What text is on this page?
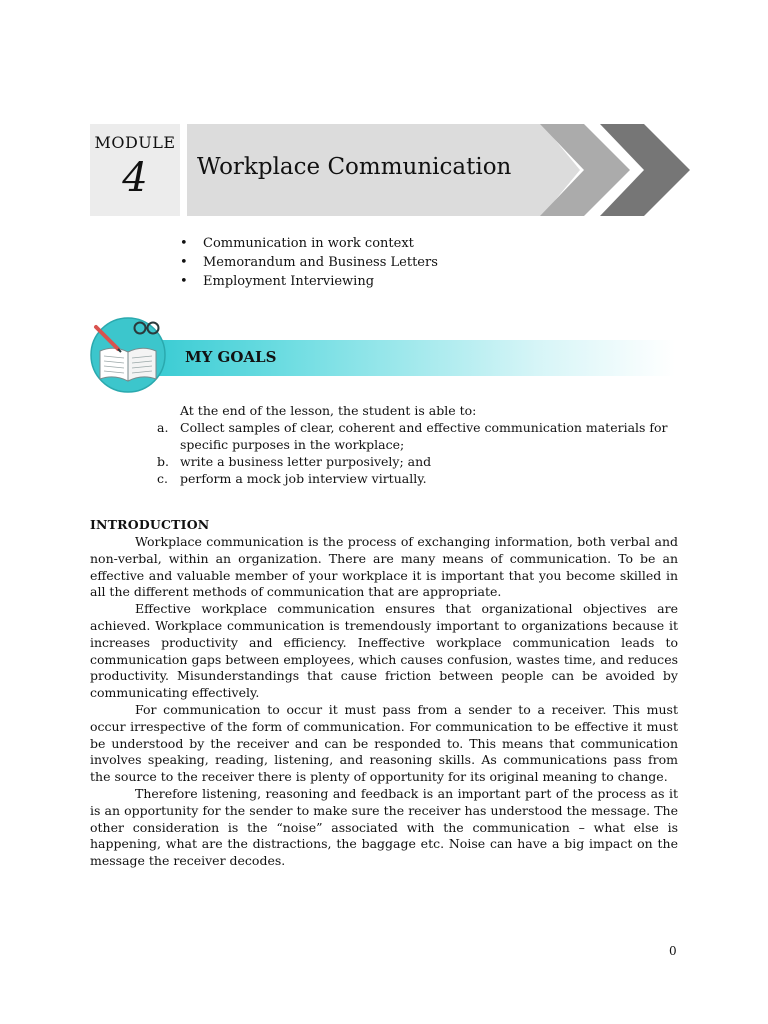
MODULE
4	Workplace Communication
• Communication in work context
• Memorandum and Business Letters
• Employment Interviewing
MY GOALS
At the end of the lesson, the student is able to:
a. Collect samples of clear, coherent and effective communication materials for specific purposes in the workplace;
b. write a business letter purposively; and
c. perform a mock job interview virtually.
INTRODUCTION

Workplace communication is the process of exchanging information, both verbal and non-verbal, within an organization. There are many means of communication. To be an effective and valuable member of your workplace it is important that you become skilled in all the different methods of communication that are appropriate.

Effective workplace communication ensures that organizational objectives are achieved. Workplace communication is tremendously important to organizations because it increases productivity and efficiency. Ineffective workplace communication leads to communication gaps between employees, which causes confusion, wastes time, and reduces productivity. Misunderstandings that cause friction between people can be avoided by communicating effectively.

For communication to occur it must pass from a sender to a receiver. This must occur irrespective of the form of communication. For communication to be effective it must be understood by the receiver and can be responded to. This means that communication involves speaking, reading, listening, and reasoning skills. As communications pass from the source to the receiver there is plenty of opportunity for its original meaning to change.

Therefore listening, reasoning and feedback is an important part of the process as it is an opportunity for the sender to make sure the receiver has understood the message. The other consideration is the “noise” associated with the communication – what else is happening, what are the distractions, the baggage etc. Noise can have a big impact on the message the receiver decodes.

0
